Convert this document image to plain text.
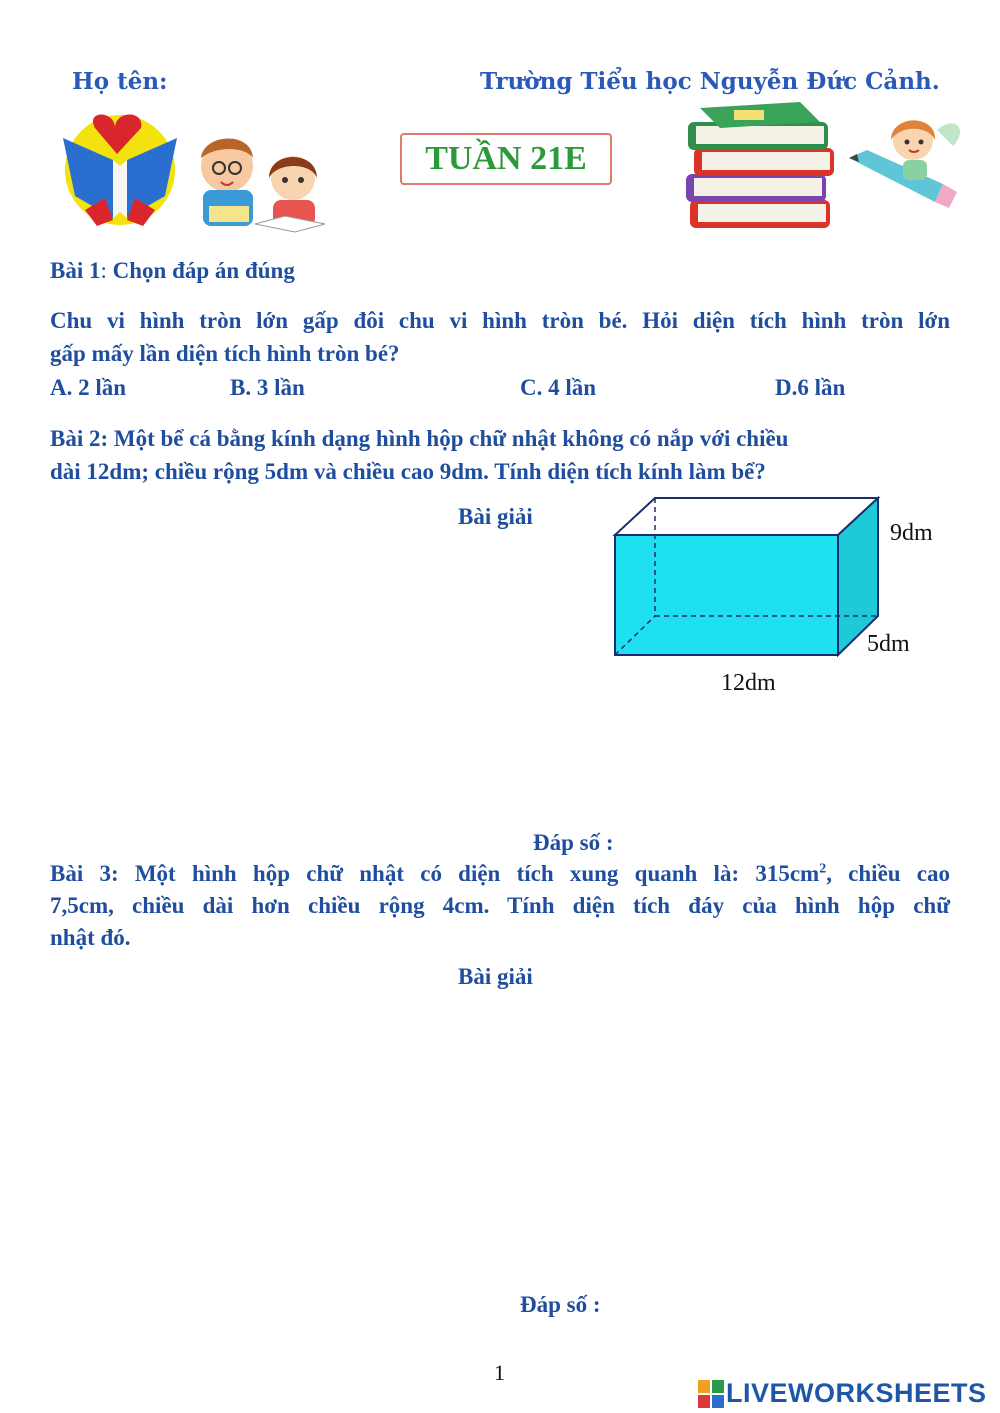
Họ tên:	Trường Tiểu học Nguyễn Đức Cảnh.
TUẦN 21E
Bài 1: Chọn đáp án đúng
Chu vi hình tròn lớn gấp đôi chu vi hình tròn bé. Hỏi diện tích hình tròn lớn
gấp mấy lần diện tích hình tròn bé?
A. 2 lần	B. 3 lần	C. 4 lần	D.6 lần
Bài 2: Một bể cá bằng kính dạng hình hộp chữ nhật không có nắp với chiều
dài 12dm; chiều rộng 5dm và chiều cao 9dm. Tính diện tích kính làm bể?
Bài giải
9dm
5dm
12dm
Đáp số :
Bài 3: Một hình hộp chữ nhật có diện tích xung quanh là: $315cm^2$, chiều cao
7,5cm, chiều dài hơn chiều rộng 4cm. Tính diện tích đáy của hình hộp chữ
nhật đó.
Bài giải
Đáp số :
1
LIVEWORKSHEETS
